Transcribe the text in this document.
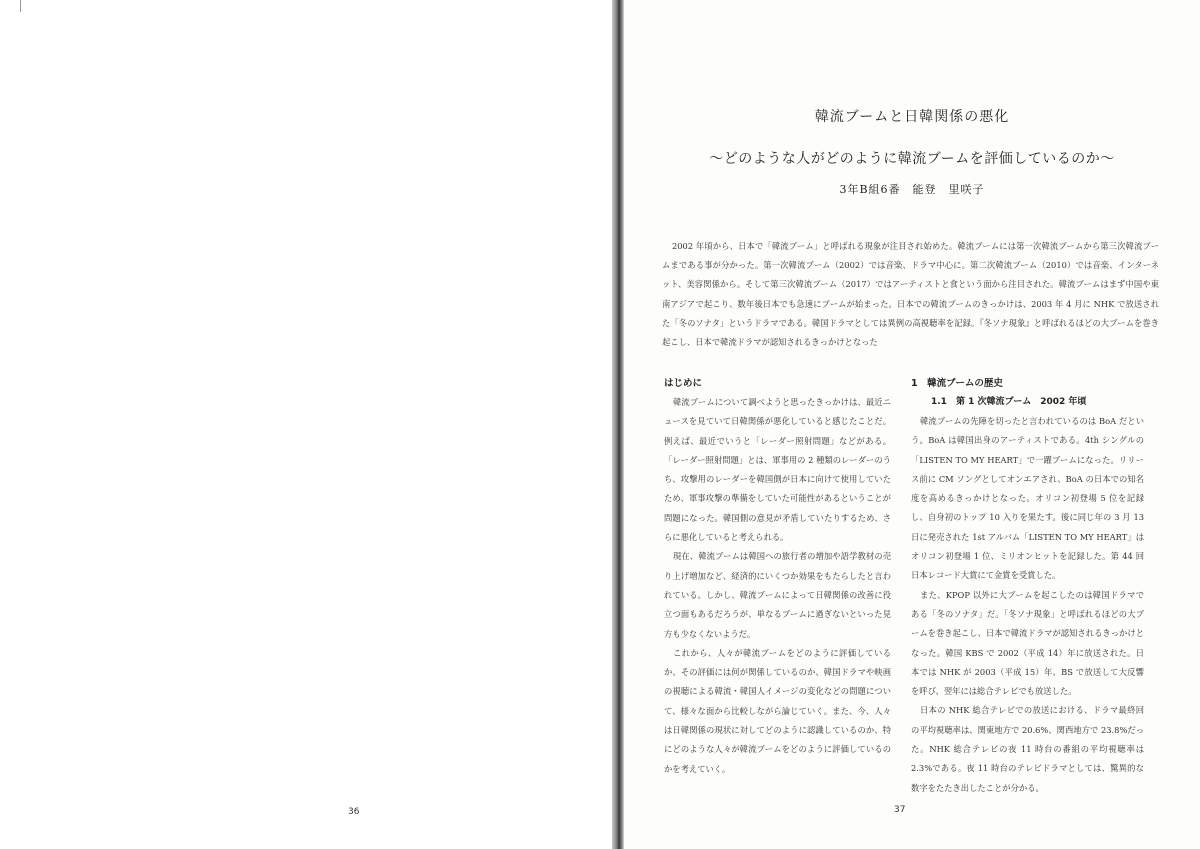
36
韓流ブームと日韓関係の悪化
〜どのような人がどのように韓流ブームを評価しているのか〜
3年B組6番　能登　里咲子

2002 年頃から、日本で「韓流ブーム」と呼ばれる現象が注目され始めた。韓流ブームには第一次韓流ブームから第三次韓流ブームまである事が分かった。第一次韓流ブーム（2002）では音楽、ドラマ中心に。第二次韓流ブーム（2010）では音楽、インターネット、美容関係から。そして第三次韓流ブーム（2017）ではアーティストと食という面から注目された。韓流ブームはまず中国や東南アジアで起こり、数年後日本でも急速にブームが始まった。日本での韓流ブームのきっかけは、2003 年 4 月に NHK で放送された「冬のソナタ」というドラマである。韓国ドラマとしては異例の高視聴率を記録。『冬ソナ現象』と呼ばれるほどの大ブームを巻き起こし、日本で韓流ドラマが認知されるきっかけとなった

はじめに

韓流ブームについて調べようと思ったきっかけは、最近ニュースを見ていて日韓関係が悪化していると感じたことだ。例えば、最近でいうと「レーダー照射問題」などがある。「レーダー照射問題」とは、軍事用の 2 種類のレーダーのうち、攻撃用のレーダーを韓国側が日本に向けて使用していたため、軍事攻撃の準備をしていた可能性があるということが問題になった。韓国側の意見が矛盾していたりするため、さらに悪化していると考えられる。

現在、韓流ブームは韓国への旅行者の増加や語学教材の売り上げ増加など、経済的にいくつか効果をもたらしたと言われている。しかし、韓流ブームによって日韓関係の改善に役立つ面もあるだろうが、単なるブームに過ぎないといった見方も少なくないようだ。

これから、人々が韓流ブームをどのように評価しているか、その評価には何が関係しているのか、韓国ドラマや映画の視聴による韓流・韓国人イメージの変化などの問題について、様々な面から比較しながら論じていく。また、今、人々は日韓関係の現状に対してどのように認識しているのか、特にどのような人々が韓流ブームをどのように評価しているのかを考えていく。

1　韓流ブームの歴史
1.1　第 1 次韓流ブーム　2002 年頃

韓流ブームの先陣を切ったと言われているのは BoA だという。BoA は韓国出身のアーティストである。4th シングルの「LISTEN TO MY HEART」で一躍ブームになった。リリース前に CM ソングとしてオンエアされ、BoA の日本での知名度を高めるきっかけとなった。オリコン初登場 5 位を記録し、自身初のトップ 10 入りを果たす。後に同じ年の 3 月 13 日に発売された 1st アルバム「LISTEN TO MY HEART」はオリコン初登場 1 位、ミリオンヒットを記録した。第 44 回日本レコード大賞にて金賞を受賞した。

また、KPOP 以外に大ブームを起こしたのは韓国ドラマである「冬のソナタ」だ。「冬ソナ現象」と呼ばれるほどの大ブームを巻き起こし、日本で韓流ドラマが認知されるきっかけとなった。韓国 KBS で 2002（平成 14）年に放送された。日本では NHK が 2003（平成 15）年、BS で放送して大反響を呼び、翌年には総合テレビでも放送した。

日本の NHK 総合テレビでの放送における、ドラマ最終回の平均視聴率は、関東地方で 20.6%、関西地方で 23.8%だった。NHK 総合テレビの夜 11 時台の番組の平均視聴率は 2.3%である。夜 11 時台のテレビドラマとしては、驚異的な数字をたたき出したことが分かる。

37
